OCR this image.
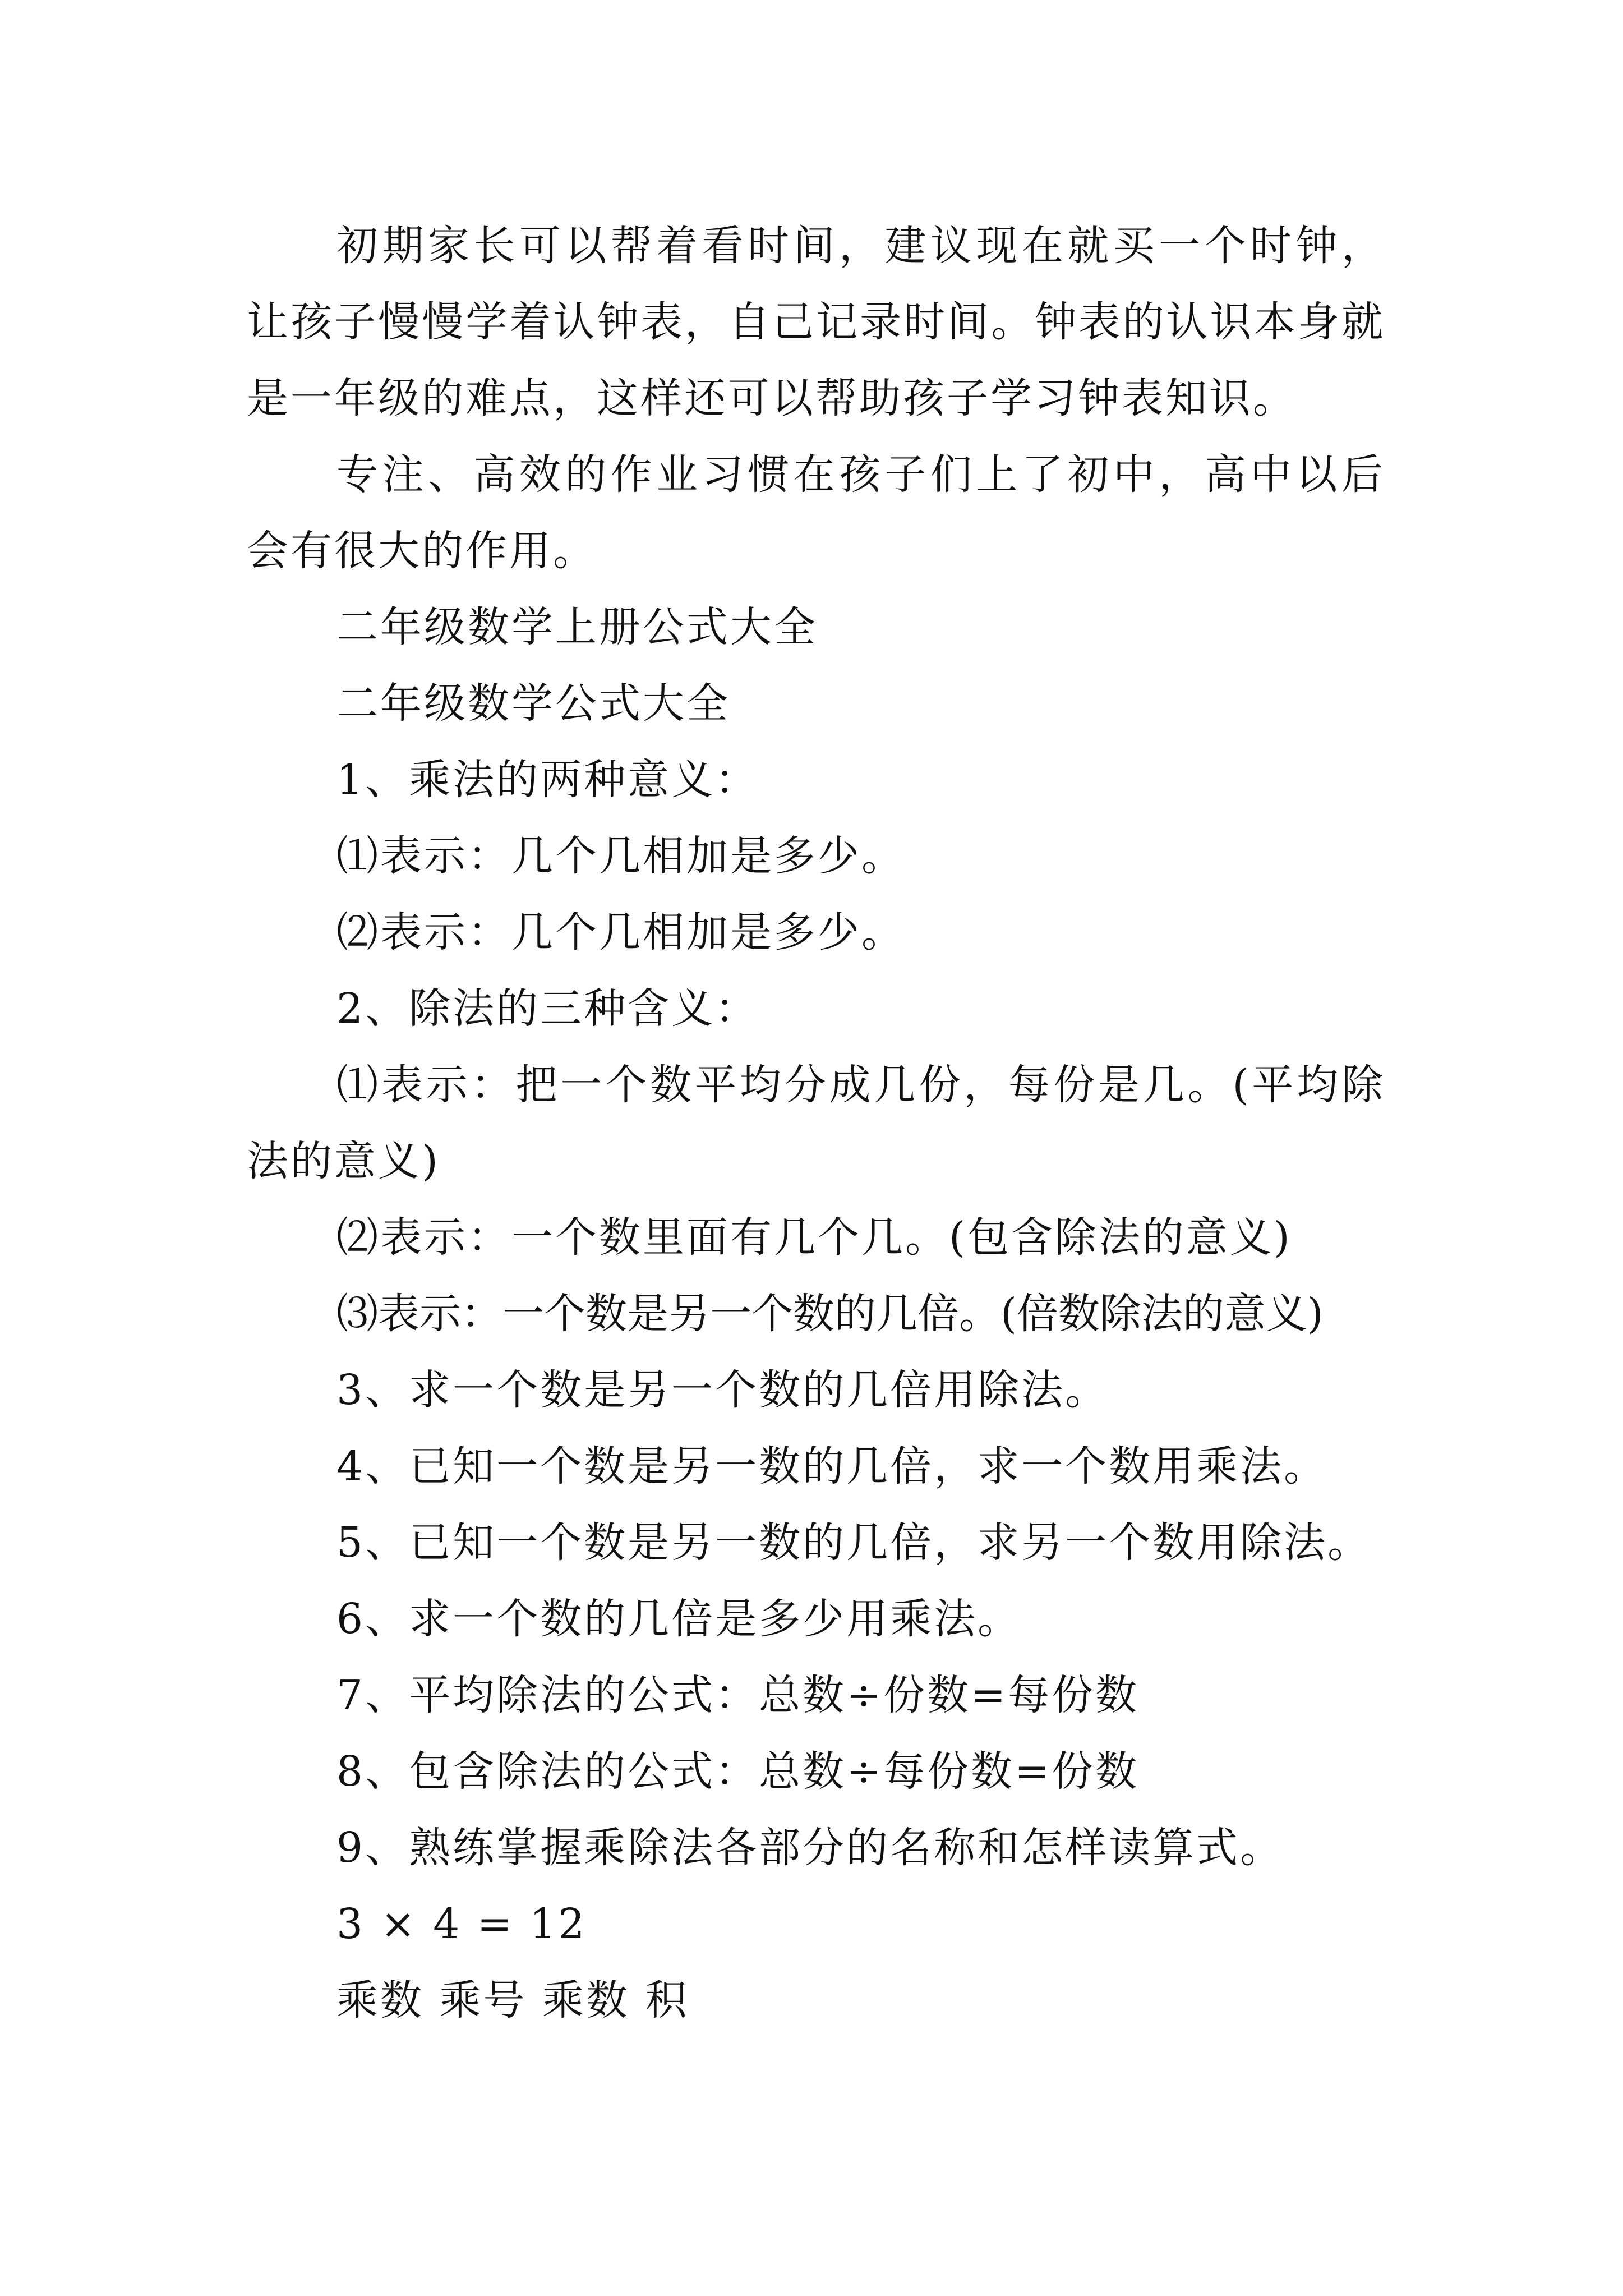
初期家长可以帮着看时间，建议现在就买一个时钟，让孩子慢慢学着认钟表，自己记录时间。钟表的认识本身就是一年级的难点，这样还可以帮助孩子学习钟表知识。

专注、高效的作业习惯在孩子们上了初中，高中以后会有很大的作用。

二年级数学上册公式大全

二年级数学公式大全

1、乘法的两种意义：

⑴表示：几个几相加是多少。

⑵表示：几个几相加是多少。

2、除法的三种含义：

⑴表示：把一个数平均分成几份，每份是几。(平均除法的意义)

⑵表示：一个数里面有几个几。(包含除法的意义)

⑶表示：一个数是另一个数的几倍。(倍数除法的意义)

3、求一个数是另一个数的几倍用除法。

4、已知一个数是另一数的几倍，求一个数用乘法。

5、已知一个数是另一数的几倍，求另一个数用除法。

6、求一个数的几倍是多少用乘法。

7、平均除法的公式：总数÷份数=每份数

8、包含除法的公式：总数÷每份数=份数

9、熟练掌握乘除法各部分的名称和怎样读算式。

3 × 4 = 12

乘数 乘号 乘数 积
